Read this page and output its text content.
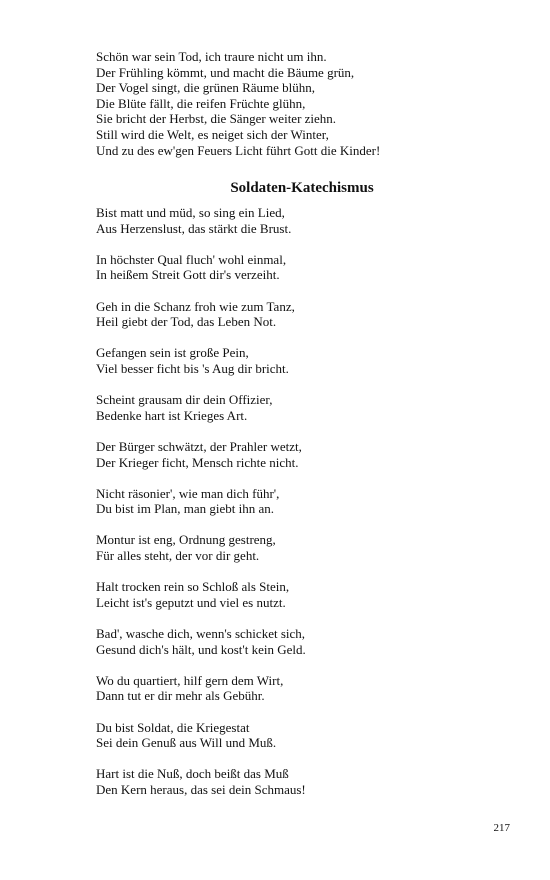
Schön war sein Tod, ich traure nicht um ihn.
Der Frühling kömmt, und macht die Bäume grün,
Der Vogel singt, die grünen Räume blühn,
Die Blüte fällt, die reifen Früchte glühn,
Sie bricht der Herbst, die Sänger weiter ziehn.
Still wird die Welt, es neiget sich der Winter,
Und zu des ew'gen Feuers Licht führt Gott die Kinder!
Soldaten-Katechismus
Bist matt und müd, so sing ein Lied,
Aus Herzenslust, das stärkt die Brust.
In höchster Qual fluch' wohl einmal,
In heißem Streit Gott dir's verzeiht.
Geh in die Schanz froh wie zum Tanz,
Heil giebt der Tod, das Leben Not.
Gefangen sein ist große Pein,
Viel besser ficht bis 's Aug dir bricht.
Scheint grausam dir dein Offizier,
Bedenke hart ist Krieges Art.
Der Bürger schwätzt, der Prahler wetzt,
Der Krieger ficht, Mensch richte nicht.
Nicht räsonier', wie man dich führ',
Du bist im Plan, man giebt ihn an.
Montur ist eng, Ordnung gestreng,
Für alles steht, der vor dir geht.
Halt trocken rein so Schloß als Stein,
Leicht ist's geputzt und viel es nutzt.
Bad', wasche dich, wenn's schicket sich,
Gesund dich's hält, und kost't kein Geld.
Wo du quartiert, hilf gern dem Wirt,
Dann tut er dir mehr als Gebühr.
Du bist Soldat, die Kriegestat
Sei dein Genuß aus Will und Muß.
Hart ist die Nuß, doch beißt das Muß
Den Kern heraus, das sei dein Schmaus!
217
